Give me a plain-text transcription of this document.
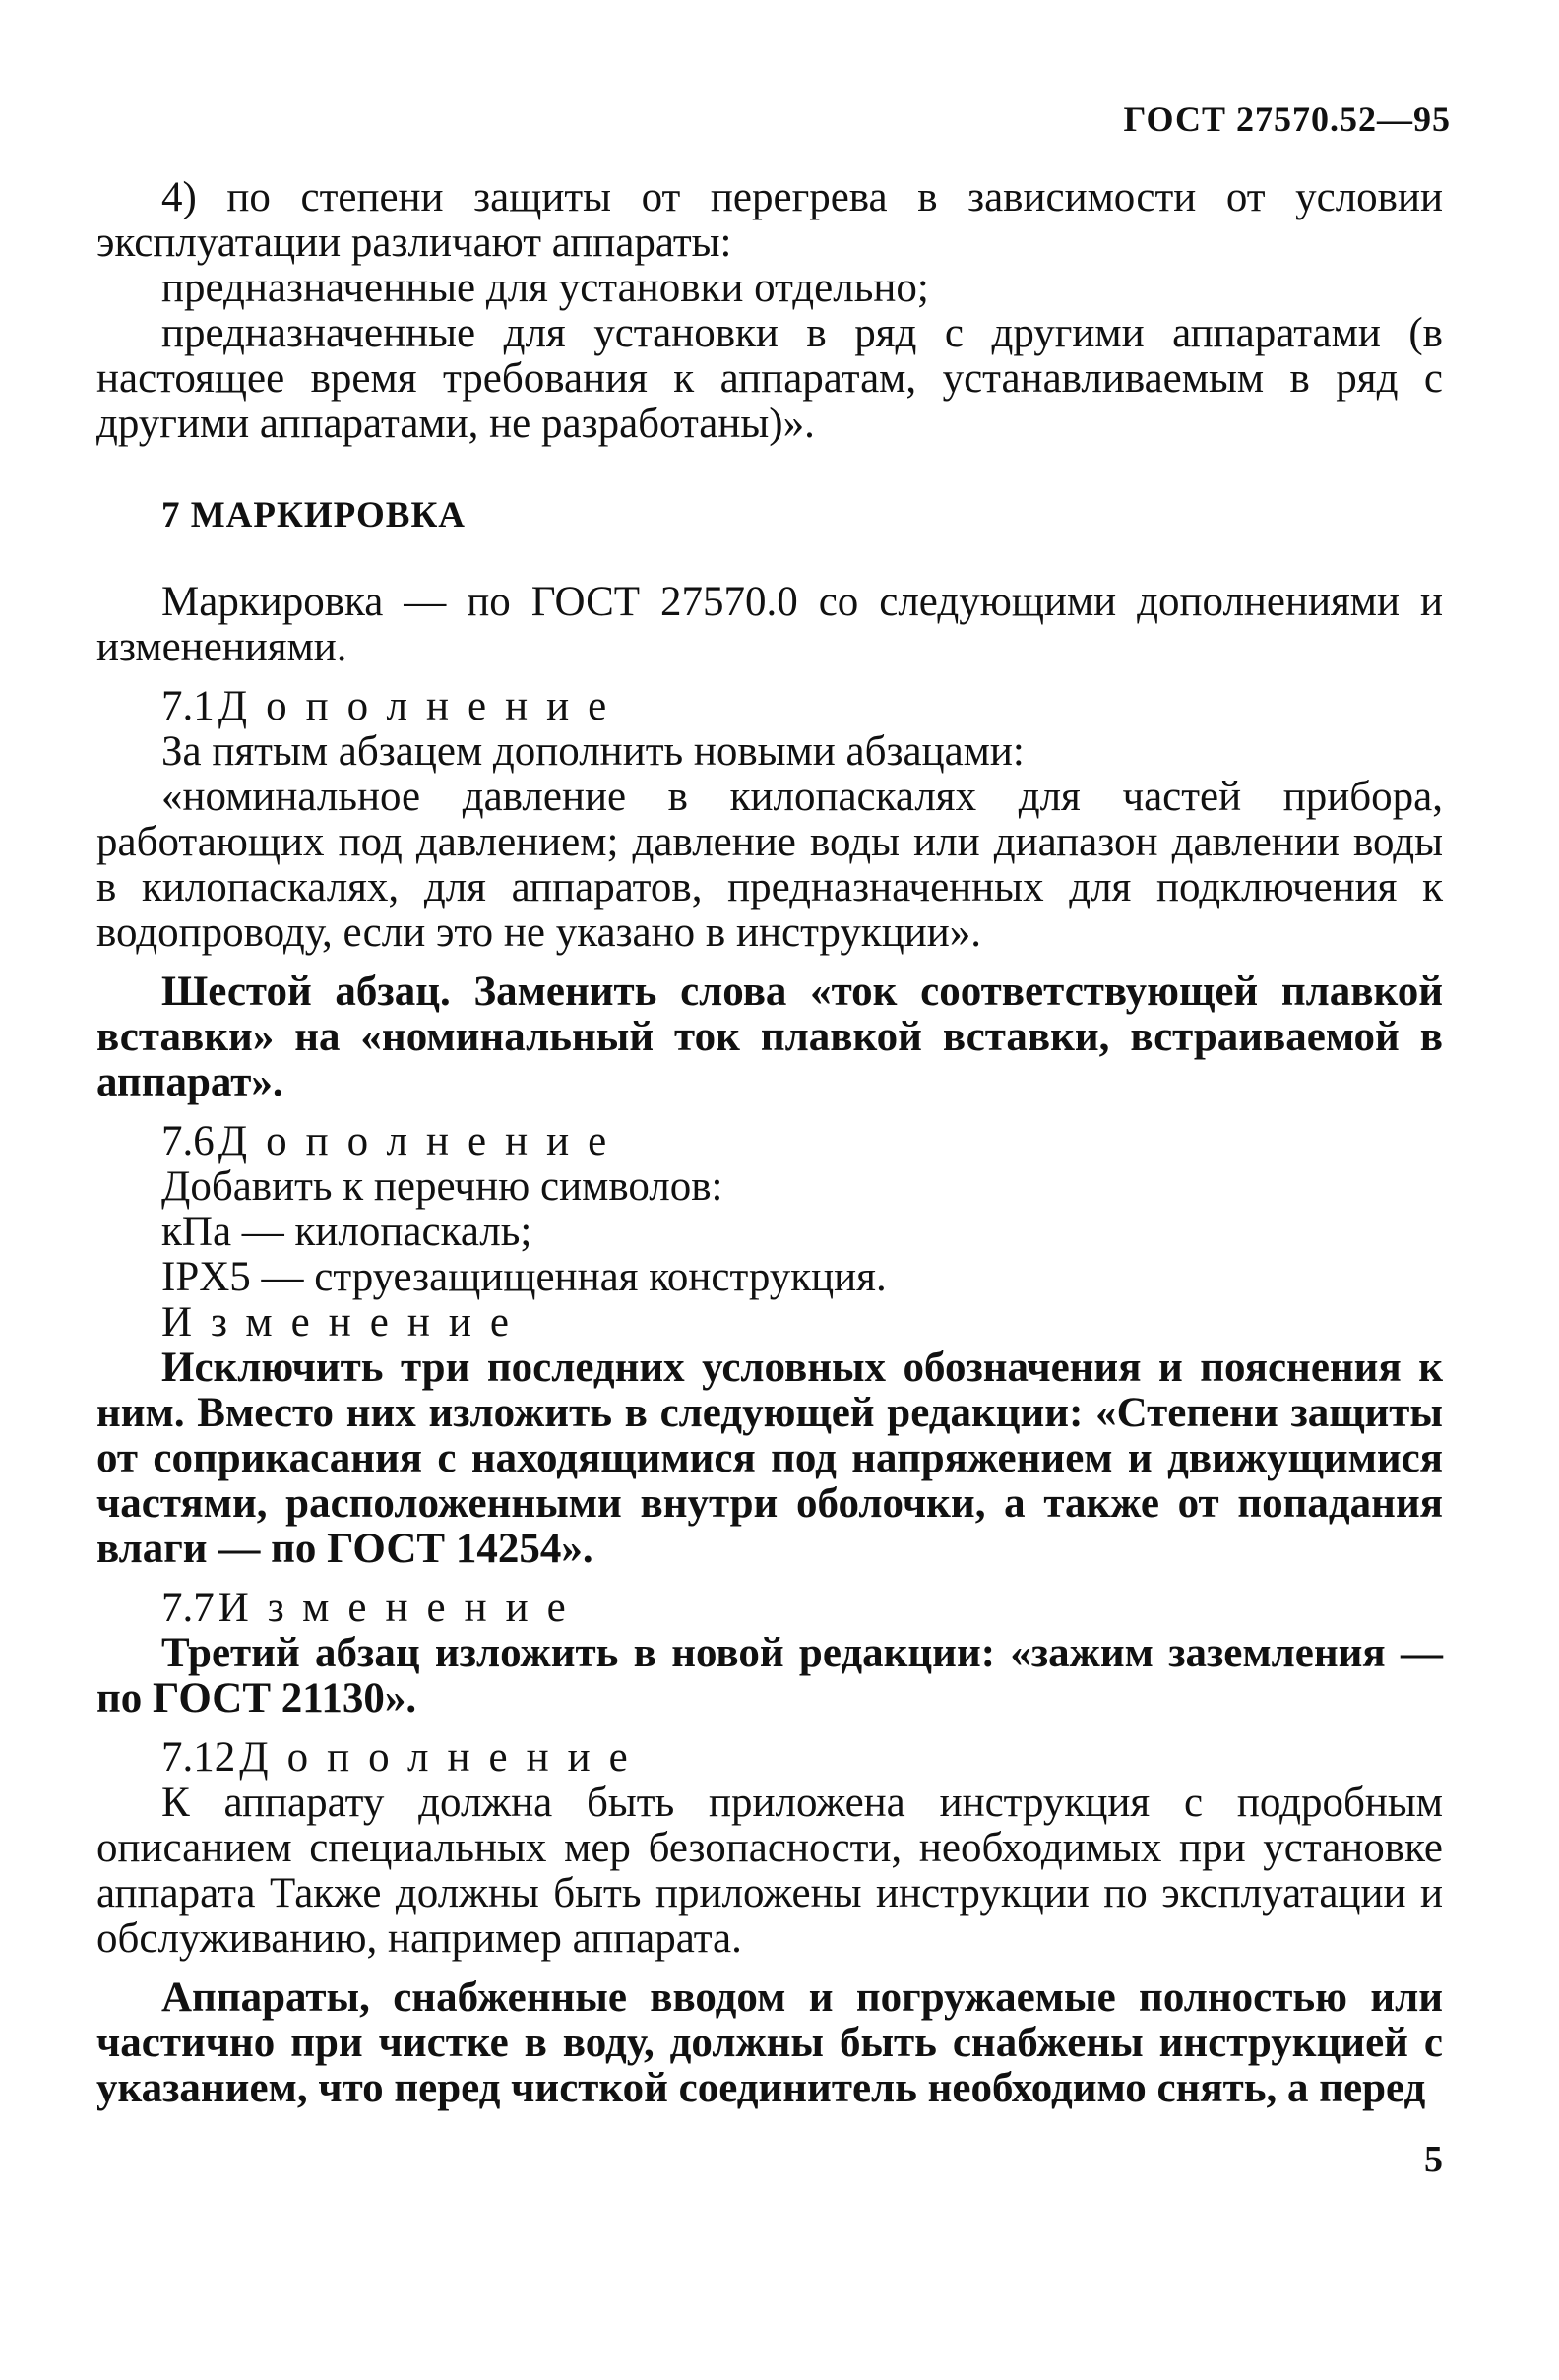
ГОСТ 27570.52—95

4) по степени защиты от перегрева в зависимости от условии эксплуатации различают аппараты:

предназначенные для установки отдельно;

предназначенные для установки в ряд с другими аппаратами (в настоящее время требования к аппаратам, устанавливаемым в ряд с другими аппаратами, не разработаны)».

7 МАРКИРОВКА

Маркировка — по ГОСТ 27570.0 со следующими дополнениями и изменениями.

7.1Дополнение

За пятым абзацем дополнить новыми абзацами:

«номинальное давление в килопаскалях для частей прибора, работающих под давлением; давление воды или диапазон давлении воды в килопаскалях, для аппаратов, предназначенных для подключения к водопроводу, если это не указано в инструкции».

Шестой абзац. Заменить слова «ток соответствующей плавкой вставки» на «номинальный ток плавкой вставки, встраиваемой в аппарат».

7.6Дополнение

Добавить к перечню символов:

кПа — килопаскаль;

IPX5 — струезащищенная конструкция.

Изменение

Исключить три последних условных обозначения и пояснения к ним. Вместо них изложить в следующей редакции: «Степени защиты от соприкасания с находящимися под напряжением и движущимися частями, расположенными внутри оболочки, а также от попадания влаги — по ГОСТ 14254».

7.7Изменение

Третий абзац изложить в новой редакции: «зажим заземления — по ГОСТ 21130».

7.12Дополнение

К аппарату должна быть приложена инструкция с подробным описанием специальных мер безопасности, необходимых при установке аппарата Также должны быть приложены инструкции по эксплуатации и обслуживанию, например аппарата.

Аппараты, снабженные вводом и погружаемые полностью или частично при чистке в воду, должны быть снабжены инструкцией с указанием, что перед чисткой соединитель необходимо снять, а перед

5
